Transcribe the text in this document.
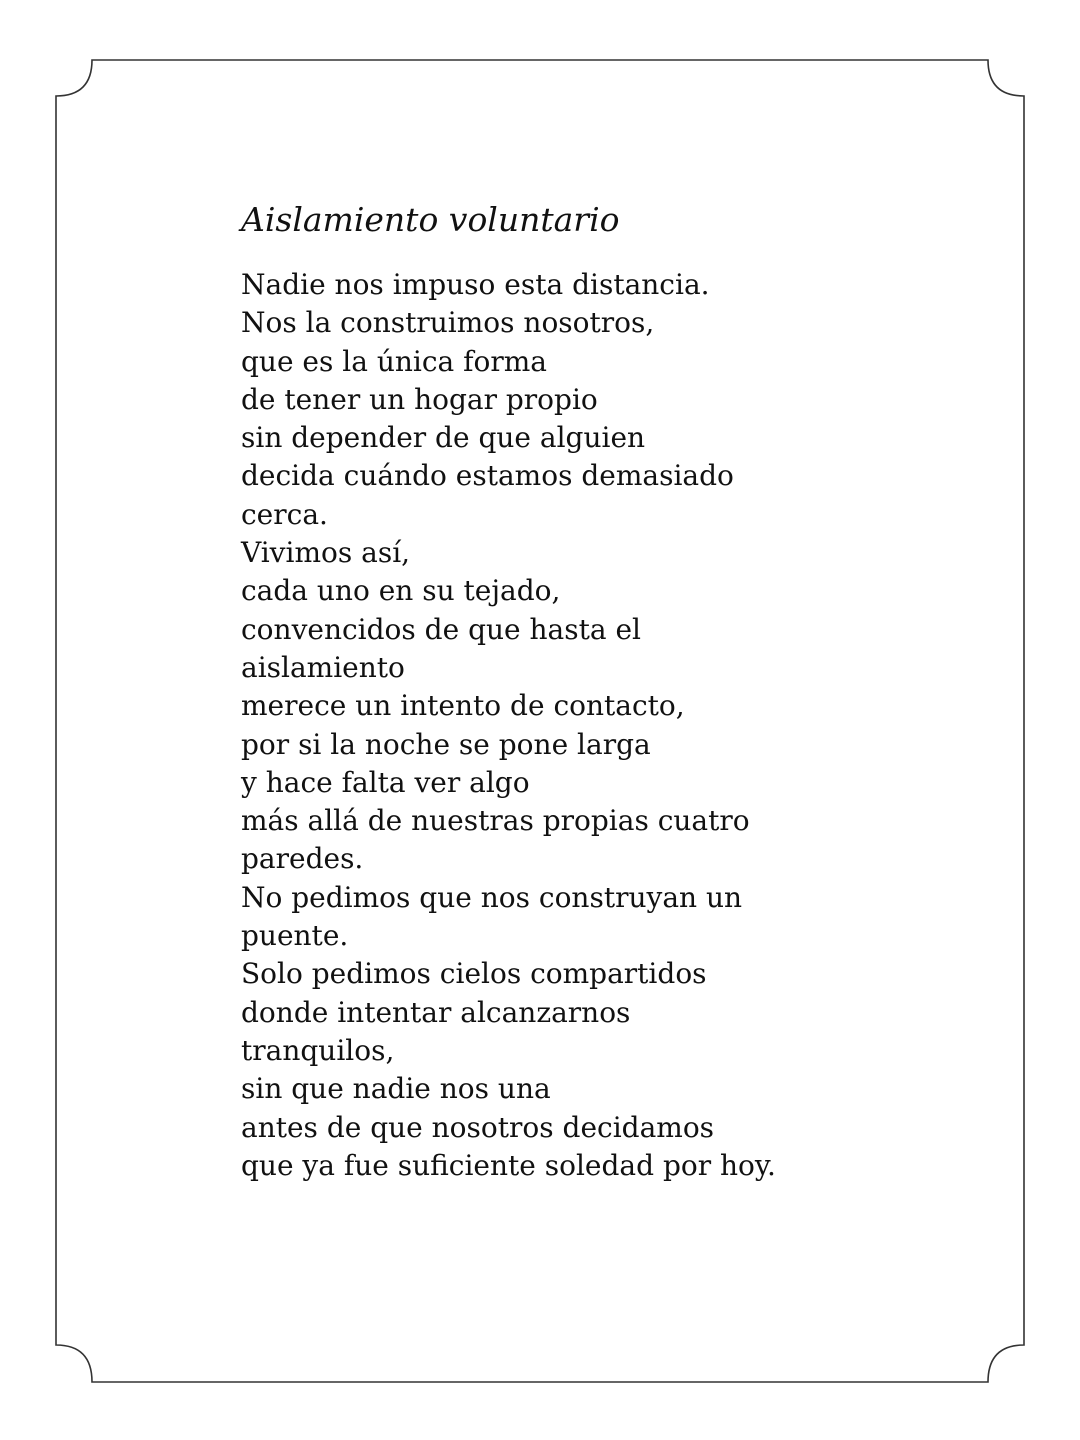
Aislamiento voluntario
Nadie nos impuso esta distancia.
Nos la construimos nosotros,
que es la única forma
de tener un hogar propio
sin depender de que alguien
decida cuándo estamos demasiado
cerca.
Vivimos así,
cada uno en su tejado,
convencidos de que hasta el
aislamiento
merece un intento de contacto,
por si la noche se pone larga
y hace falta ver algo
más allá de nuestras propias cuatro
paredes.
No pedimos que nos construyan un
puente.
Solo pedimos cielos compartidos
donde intentar alcanzarnos
tranquilos,
sin que nadie nos una
antes de que nosotros decidamos
que ya fue suficiente soledad por hoy.
